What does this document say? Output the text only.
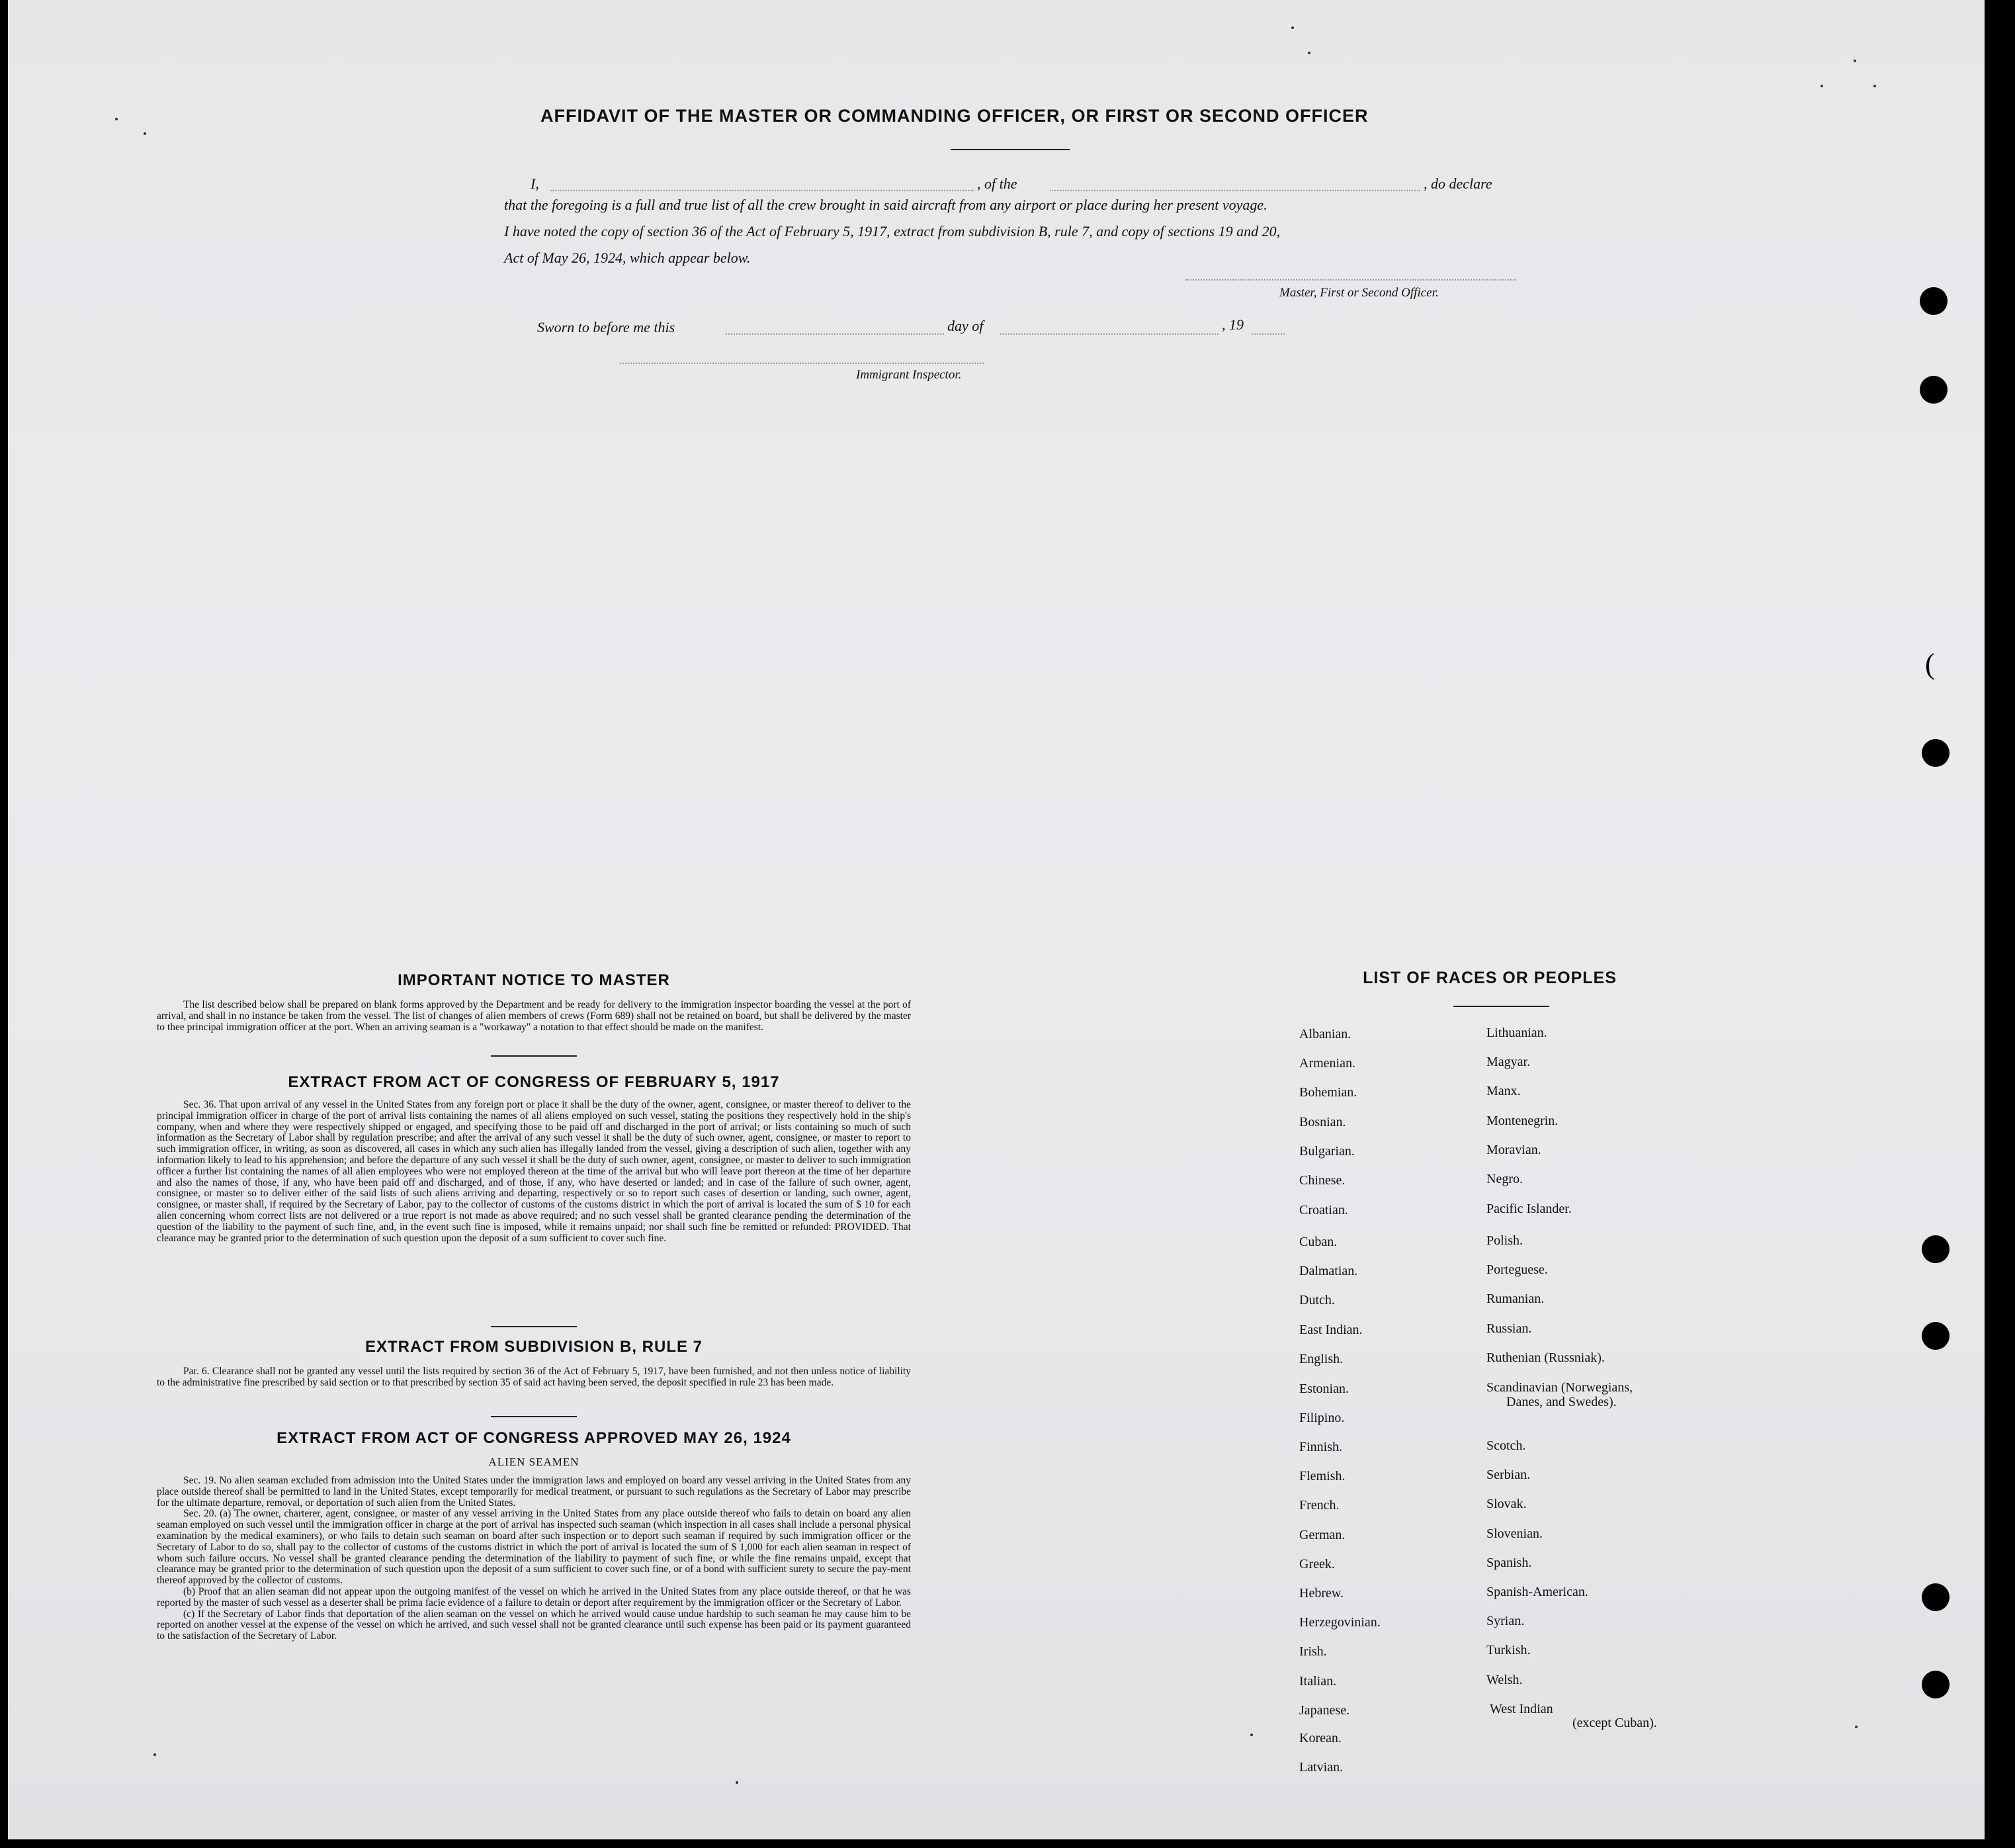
AFFIDAVIT OF THE MASTER OR COMMANDING OFFICER, OR FIRST OR SECOND OFFICER
I,	, of the	, do declare
that the foregoing is a full and true list of all the crew brought in said aircraft from any airport or place during her present voyage.
I have noted the copy of section 36 of the Act of February 5, 1917, extract from subdivision B, rule 7, and copy of sections 19 and 20,
Act of May 26, 1924, which appear below.
Master, First or Second Officer.
Sworn to before me this	day of	, 19
Immigrant Inspector.
IMPORTANT NOTICE TO MASTER

The list described below shall be prepared on blank forms approved by the Department and be ready for delivery to the immigration inspector boarding the vessel at the port of arrival, and shall in no instance be taken from the vessel. The list of changes of alien members of crews (Form 689) shall not be retained on board, but shall be delivered by the master to thee principal immigration officer at the port. When an arriving seaman is a "workaway" a notation to that effect should be made on the manifest.

EXTRACT FROM ACT OF CONGRESS OF FEBRUARY 5, 1917

Sec. 36. That upon arrival of any vessel in the United States from any foreign port or place it shall be the duty of the owner, agent, consignee, or master thereof to deliver to the principal immigration officer in charge of the port of arrival lists containing the names of all aliens employed on such vessel, stating the positions they respectively hold in the ship's company, when and where they were respectively shipped or engaged, and specifying those to be paid off and discharged in the port of arrival; or lists containing so much of such information as the Secretary of Labor shall by regulation prescribe; and after the arrival of any such vessel it shall be the duty of such owner, agent, consignee, or master to report to such immigration officer, in writing, as soon as discovered, all cases in which any such alien has illegally landed from the vessel, giving a description of such alien, together with any information likely to lead to his apprehension; and before the departure of any such vessel it shall be the duty of such owner, agent, consignee, or master to deliver to such immigration officer a further list containing the names of all alien employees who were not employed thereon at the time of the arrival but who will leave port thereon at the time of her departure and also the names of those, if any, who have been paid off and discharged, and of those, if any, who have deserted or landed; and in case of the failure of such owner, agent, consignee, or master so to deliver either of the said lists of such aliens arriving and departing, respectively or so to report such cases of desertion or landing, such owner, agent, consignee, or master shall, if required by the Secretary of Labor, pay to the collector of customs of the customs district in which the port of arrival is located the sum of $ 10 for each alien concerning whom correct lists are not delivered or a true report is not made as above required; and no such vessel shall be granted clearance pending the determination of the question of the liability to the payment of such fine, and, in the event such fine is imposed, while it remains unpaid; nor shall such fine be remitted or refunded: PROVIDED. That clearance may be granted prior to the determination of such question upon the deposit of a sum sufficient to cover such fine.

EXTRACT FROM SUBDIVISION B, RULE 7

Par. 6. Clearance shall not be granted any vessel until the lists required by section 36 of the Act of February 5, 1917, have been furnished, and not then unless notice of liability to the administrative fine prescribed by said section or to that prescribed by section 35 of said act having been served, the deposit specified in rule 23 has been made.

EXTRACT FROM ACT OF CONGRESS APPROVED MAY 26, 1924
ALIEN SEAMEN

Sec. 19. No alien seaman excluded from admission into the United States under the immigration laws and employed on board any vessel arriving in the United States from any place outside thereof shall be permitted to land in the United States, except temporarily for medical treatment, or pursuant to such regulations as the Secretary of Labor may prescribe for the ultimate departure, removal, or deportation of such alien from the United States.

Sec. 20. (a) The owner, charterer, agent, consignee, or master of any vessel arriving in the United States from any place outside thereof who fails to detain on board any alien seaman employed on such vessel until the immigration officer in charge at the port of arrival has inspected such seaman (which inspection in all cases shall include a personal physical examination by the medical examiners), or who fails to detain such seaman on board after such inspection or to deport such seaman if required by such immigration officer or the Secretary of Labor to do so, shall pay to the collector of customs of the customs district in which the port of arrival is located the sum of $ 1,000 for each alien seaman in respect of whom such failure occurs. No vessel shall be granted clearance pending the determination of the liability to payment of such fine, or while the fine remains unpaid, except that clearance may be granted prior to the determination of such question upon the deposit of a sum sufficient to cover such fine, or of a bond with sufficient surety to secure the pay-ment thereof approved by the collector of customs.

(b) Proof that an alien seaman did not appear upon the outgoing manifest of the vessel on which he arrived in the United States from any place outside thereof, or that he was reported by the master of such vessel as a deserter shall be prima facie evidence of a failure to detain or deport after requirement by the immigration officer or the Secretary of Labor.

(c) If the Secretary of Labor finds that deportation of the alien seaman on the vessel on which he arrived would cause undue hardship to such seaman he may cause him to be reported on another vessel at the expense of the vessel on which he arrived, and such vessel shall not be granted clearance until such expense has been paid or its payment guaranteed to the satisfaction of the Secretary of Labor.

LIST OF RACES OR PEOPLES
Albanian.
Armenian.
Bohemian.
Bosnian.
Bulgarian.
Chinese.
Croatian.
Cuban.
Dalmatian.
Dutch.
East Indian.
English.
Estonian.
Filipino.
Finnish.
Flemish.
French.
German.
Greek.
Hebrew.
Herzegovinian.
Irish.
Italian.
Japanese.
Korean.
Latvian.
Lithuanian.
Magyar.
Manx.
Montenegrin.
Moravian.
Negro.
Pacific Islander.
Polish.
Porteguese.
Rumanian.
Russian.
Ruthenian (Russniak).
Scandinavian (Norwegians,
Danes, and Swedes).
Scotch.
Serbian.
Slovak.
Slovenian.
Spanish.
Spanish-American.
Syrian.
Turkish.
Welsh.
West Indian
(except Cuban).
(
